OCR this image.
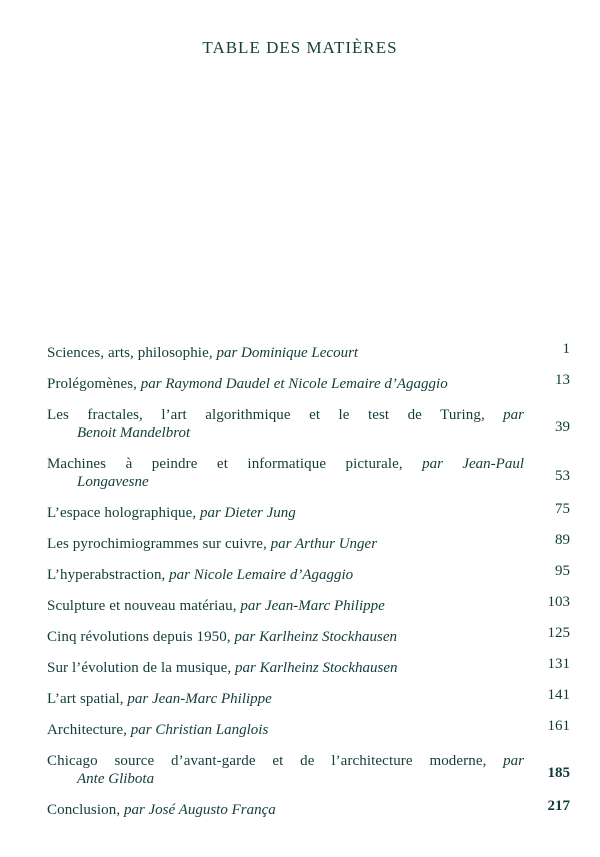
TABLE DES MATIÈRES
Sciences, arts, philosophie, par Dominique Lecourt	1
Prolégomènes, par Raymond Daudel et Nicole Lemaire d’Agaggio	13
Les fractales, l’art algorithmique et le test de Turing, par
Benoit Mandelbrot	39
Machines à peindre et informatique picturale, par Jean-Paul
Longavesne	53
L’espace holographique, par Dieter Jung	75
Les pyrochimiogrammes sur cuivre, par Arthur Unger	89
L’hyperabstraction, par Nicole Lemaire d’Agaggio	95
Sculpture et nouveau matériau, par Jean-Marc Philippe	103
Cinq révolutions depuis 1950, par Karlheinz Stockhausen	125
Sur l’évolution de la musique, par Karlheinz Stockhausen	131
L’art spatial, par Jean-Marc Philippe	141
Architecture, par Christian Langlois	161
Chicago source d’avant-garde et de l’architecture moderne, par
Ante Glibota	185
Conclusion, par José Augusto França	217
